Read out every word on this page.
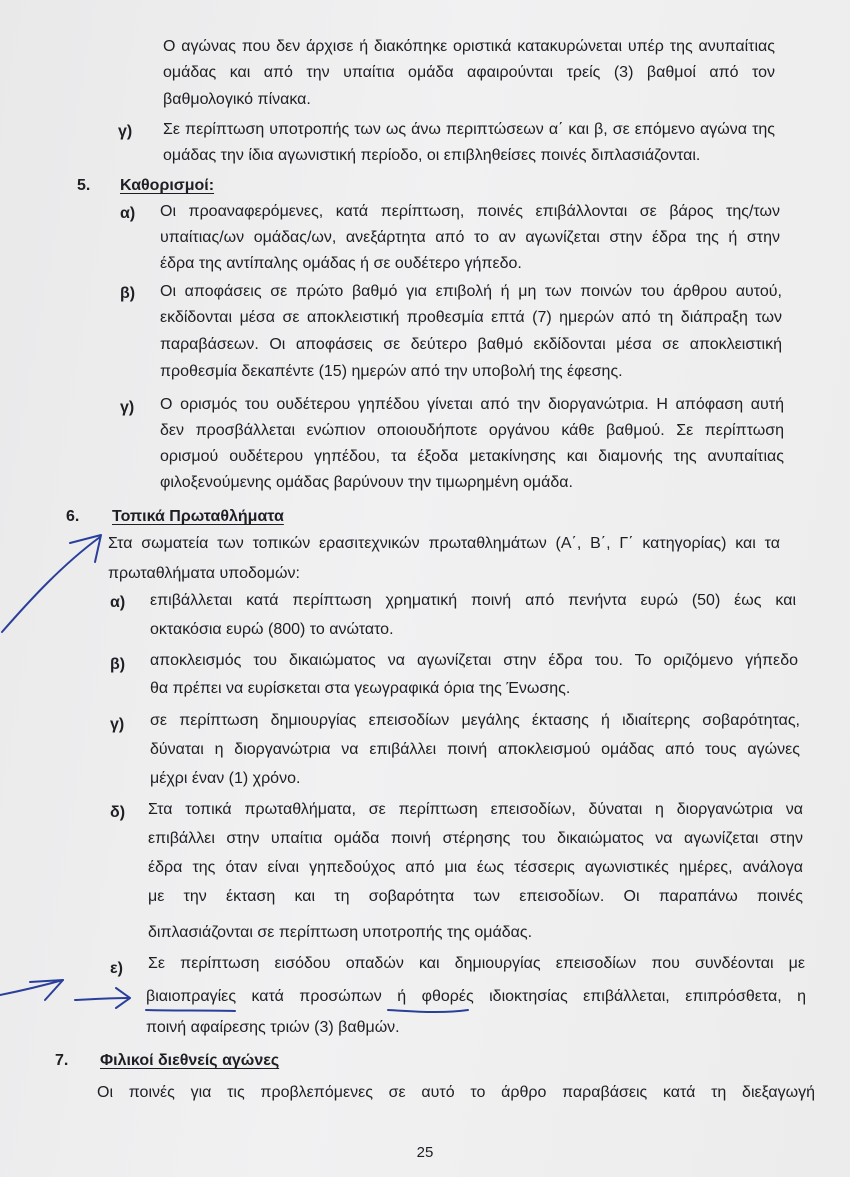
Ο αγώνας που δεν άρχισε ή διακόπηκε οριστικά κατακυρώνεται υπέρ της ανυπαίτιας
ομάδας και από την υπαίτια ομάδα αφαιρούνται τρείς (3) βαθμοί από τον
βαθμολογικό πίνακα.
γ) Σε περίπτωση υποτροπής των ως άνω περιπτώσεων α΄ και β, σε επόμενο αγώνα της
ομάδας την ίδια αγωνιστική περίοδο, οι επιβληθείσες ποινές διπλασιάζονται.
5. Καθορισμοί:
α) Οι προαναφερόμενες, κατά περίπτωση, ποινές επιβάλλονται σε βάρος της/των
υπαίτιας/ων ομάδας/ων, ανεξάρτητα από το αν αγωνίζεται στην έδρα της ή στην
έδρα της αντίπαλης ομάδας ή σε ουδέτερο γήπεδο.
β) Οι αποφάσεις σε πρώτο βαθμό για επιβολή ή μη των ποινών του άρθρου αυτού,
εκδίδονται μέσα σε αποκλειστική προθεσμία επτά (7) ημερών από τη διάπραξη των
παραβάσεων. Οι αποφάσεις σε δεύτερο βαθμό εκδίδονται μέσα σε αποκλειστική
προθεσμία δεκαπέντε (15) ημερών από την υποβολή της έφεσης.
γ) Ο ορισμός του ουδέτερου γηπέδου γίνεται από την διοργανώτρια. Η απόφαση αυτή
δεν προσβάλλεται ενώπιον οποιουδήποτε οργάνου κάθε βαθμού. Σε περίπτωση
ορισμού ουδέτερου γηπέδου, τα έξοδα μετακίνησης και διαμονής της ανυπαίτιας
φιλοξενούμενης ομάδας βαρύνουν την τιμωρημένη ομάδα.
6. Τοπικά Πρωταθλήματα
Στα σωματεία των τοπικών ερασιτεχνικών πρωταθλημάτων (Α΄, Β΄, Γ΄ κατηγορίας) και τα
πρωταθλήματα υποδομών:
α) επιβάλλεται κατά περίπτωση χρηματική ποινή από πενήντα ευρώ (50) έως και
οκτακόσια ευρώ (800) το ανώτατο.
β) αποκλεισμός του δικαιώματος να αγωνίζεται στην έδρα του. Το οριζόμενο γήπεδο
θα πρέπει να ευρίσκεται στα γεωγραφικά όρια της Ένωσης.
γ) σε περίπτωση δημιουργίας επεισοδίων μεγάλης έκτασης ή ιδιαίτερης σοβαρότητας,
δύναται η διοργανώτρια να επιβάλλει ποινή αποκλεισμού ομάδας από τους αγώνες
μέχρι έναν (1) χρόνο.
δ) Στα τοπικά πρωταθλήματα, σε περίπτωση επεισοδίων, δύναται η διοργανώτρια να
επιβάλλει στην υπαίτια ομάδα ποινή στέρησης του δικαιώματος να αγωνίζεται στην
έδρα της όταν είναι γηπεδούχος από μια έως τέσσερις αγωνιστικές ημέρες, ανάλογα
με την έκταση και τη σοβαρότητα των επεισοδίων. Οι παραπάνω ποινές
διπλασιάζονται σε περίπτωση υποτροπής της ομάδας.
ε) Σε περίπτωση εισόδου οπαδών και δημιουργίας επεισοδίων που συνδέονται με
βιαιοπραγίες κατά προσώπων ή φθορές ιδιοκτησίας επιβάλλεται, επιπρόσθετα, η
ποινή αφαίρεσης τριών (3) βαθμών.
7. Φιλικοί διεθνείς αγώνες
Οι ποινές για τις προβλεπόμενες σε αυτό το άρθρο παραβάσεις κατά τη διεξαγωγή
25
